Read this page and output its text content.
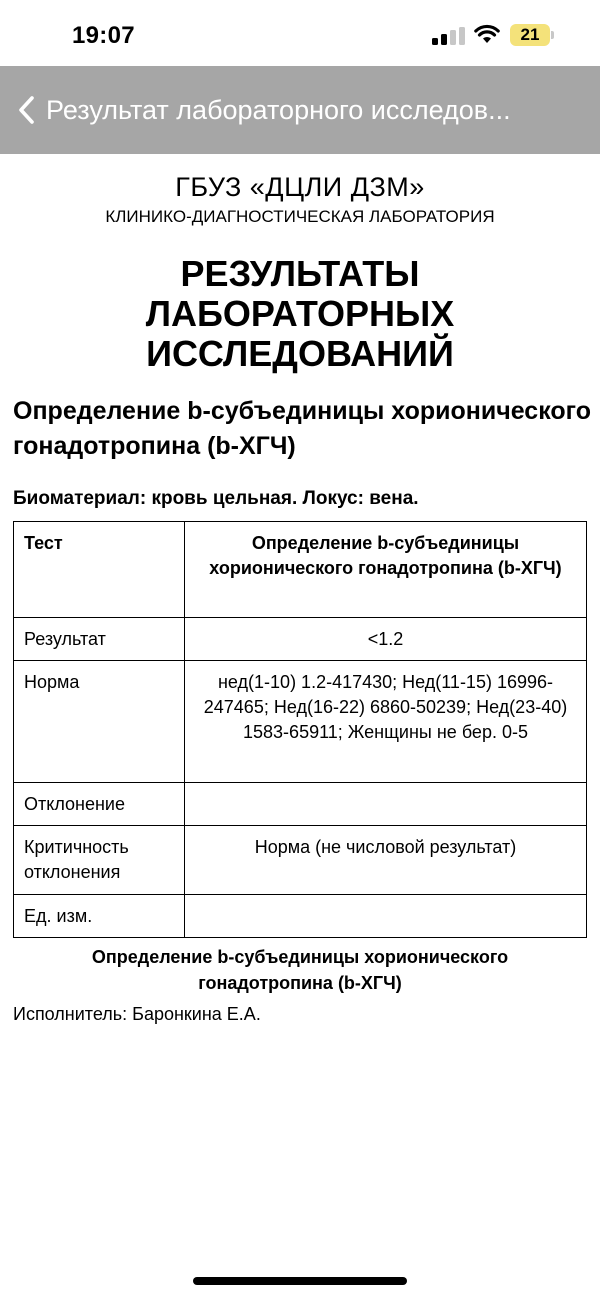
19:07	21
Результат лабораторного исследов...
ГБУЗ «ДЦЛИ ДЗМ»
КЛИНИКО-ДИАГНОСТИЧЕСКАЯ ЛАБОРАТОРИЯ
РЕЗУЛЬТАТЫ ЛАБОРАТОРНЫХ ИССЛЕДОВАНИЙ
Определение b-субъединицы хорионического гонадотропина (b-ХГЧ)
Биоматериал: кровь цельная. Локус: вена.
Тест	Определение b-субъединицы хорионического гонадотропина (b-ХГЧ)
Результат	<1.2
Норма	нед(1-10) 1.2-417430; Нед(11-15) 16996-247465; Нед(16-22) 6860-50239; Нед(23-40) 1583-65911; Женщины не бер. 0-5
Отклонение	
Критичность отклонения	Норма (не числовой результат)
Ед. изм.	
Определение b-субъединицы хорионического гонадотропина (b-ХГЧ)
Исполнитель: Баронкина Е.А.
